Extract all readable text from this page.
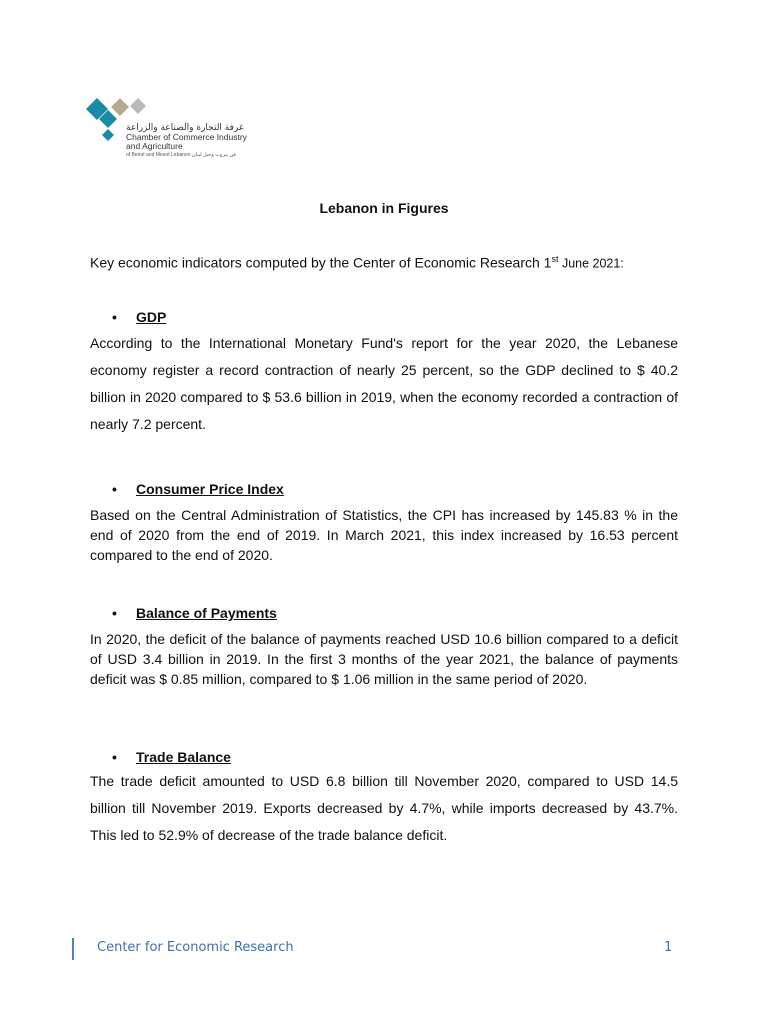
غرفة التجارة والصناعة والزراعة
Chamber of Commerce Industry
and Agriculture
of Beirut and Mount Lebanon في بيروت وجبل لبنان
Lebanon in Figures
Key economic indicators computed by the Center of Economic Research 1st June 2021:
•	GDP

According to the International Monetary Fund's report for the year 2020, the Lebanese economy register a record contraction of nearly 25 percent, so the GDP declined to $ 40.2 billion in 2020 compared to $ 53.6 billion in 2019, when the economy recorded a contraction of nearly 7.2 percent.

•	Consumer Price Index

Based on the Central Administration of Statistics, the CPI has increased by 145.83 % in the end of 2020 from the end of 2019. In March 2021, this index increased by 16.53 percent compared to the end of 2020.

•	Balance of Payments

In 2020, the deficit of the balance of payments reached USD 10.6 billion compared to a deficit of USD 3.4 billion in 2019. In the first 3 months of the year 2021, the balance of payments deficit was $ 0.85 million, compared to $ 1.06 million in the same period of 2020.

•	Trade Balance

The trade deficit amounted to USD 6.8 billion till November 2020, compared to USD 14.5 billion till November 2019. Exports decreased by 4.7%, while imports decreased by 43.7%. This led to 52.9% of decrease of the trade balance deficit.

Center for Economic Research	1
